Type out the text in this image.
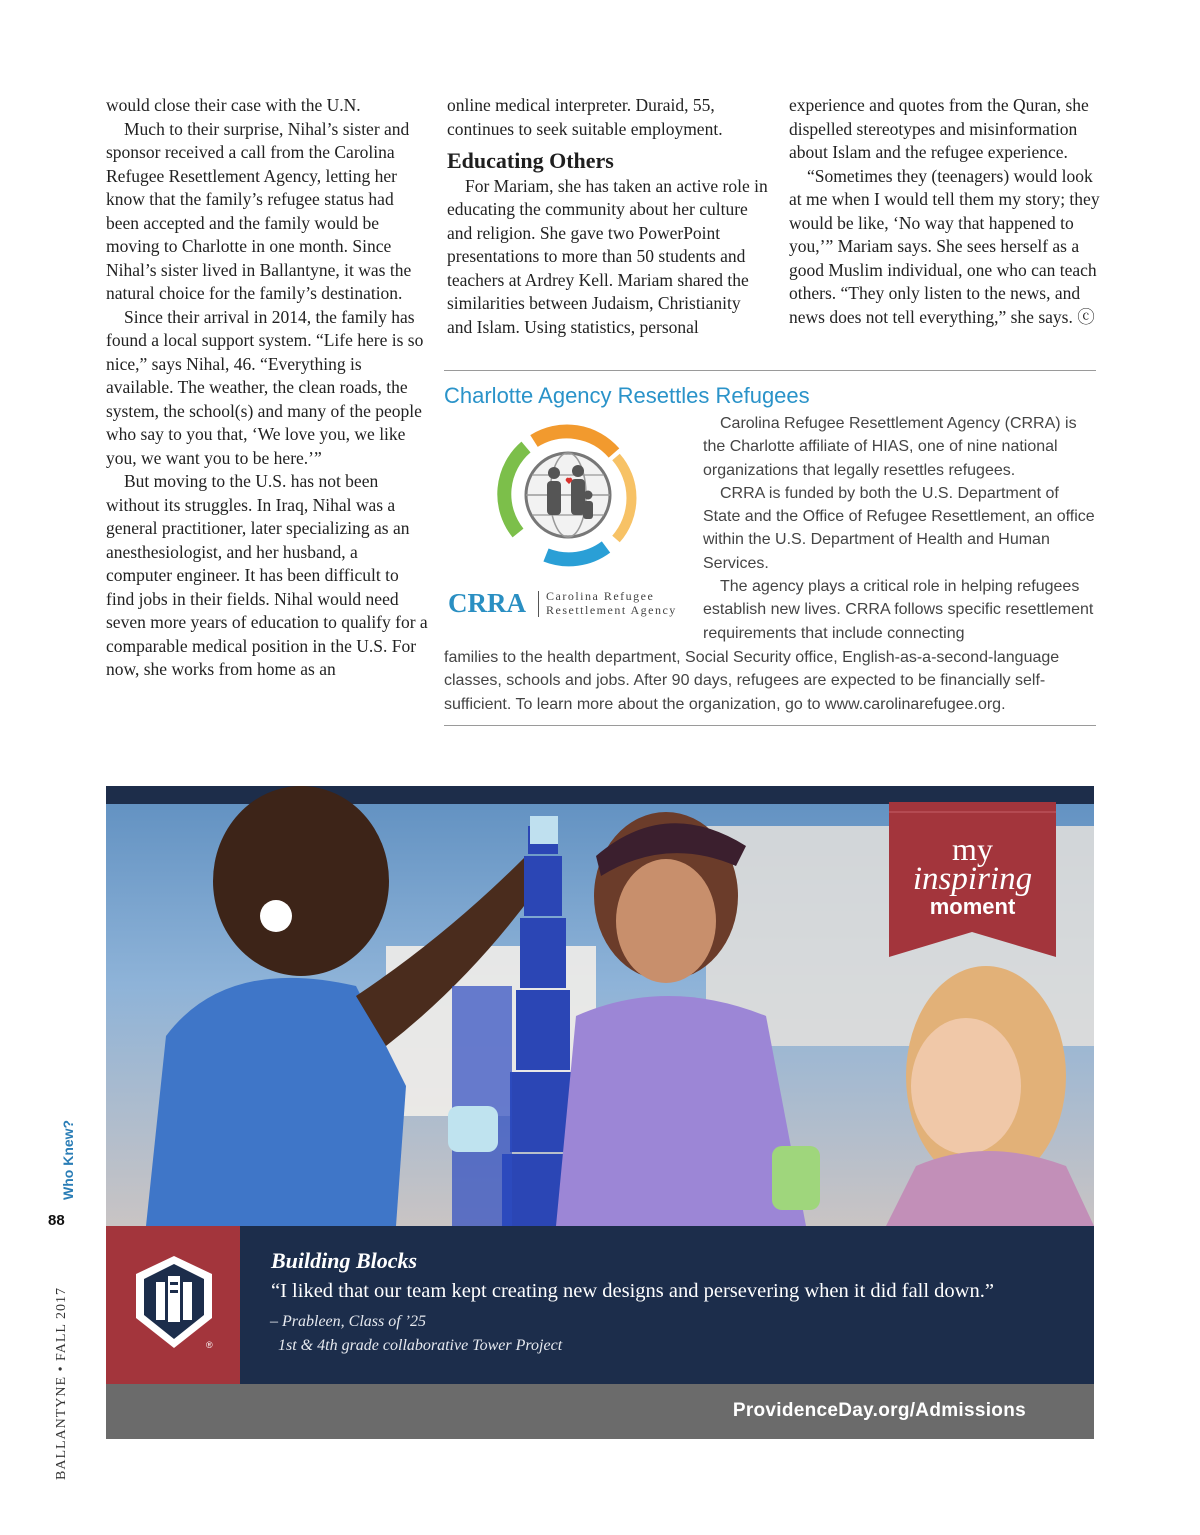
would close their case with the U.N.

Much to their surprise, Nihal’s sister and sponsor received a call from the Carolina Refugee Resettlement Agency, letting her know that the family’s refugee status had been accepted and the family would be moving to Charlotte in one month. Since Nihal’s sister lived in Ballantyne, it was the natural choice for the family’s destination.

Since their arrival in 2014, the family has found a local support system. “Life here is so nice,” says Nihal, 46. “Everything is available. The weather, the clean roads, the system, the school(s) and many of the people who say to you that, ‘We love you, we like you, we want you to be here.’”

But moving to the U.S. has not been without its struggles. In Iraq, Nihal was a general practitioner, later specializing as an anesthesiologist, and her husband, a computer engineer. It has been difficult to find jobs in their fields. Nihal would need seven more years of education to qualify for a comparable medical position in the U.S. For now, she works from home as an

online medical interpreter. Duraid, 55, continues to seek suitable employment.

Educating Others

For Mariam, she has taken an active role in educating the community about her culture and religion. She gave two PowerPoint presentations to more than 50 students and teachers at Ardrey Kell. Mariam shared the similarities between Judaism, Christianity and Islam. Using statistics, personal

experience and quotes from the Quran, she dispelled stereotypes and misinformation about Islam and the refugee experience.

“Sometimes they (teenagers) would look at me when I would tell them my story; they would be like, ‘No way that happened to you,’” Mariam says. She sees herself as a good Muslim individual, one who can teach others. “They only listen to the news, and news does not tell everything,” she says. ⓒ

Charlotte Agency Resettles Refugees
CRRA Carolina Refugee
Resettlement Agency

Carolina Refugee Resettlement Agency (CRRA) is the Charlotte affiliate of HIAS, one of nine national organizations that legally resettles refugees.

CRRA is funded by both the U.S. Department of State and the Office of Refugee Resettlement, an office within the U.S. Department of Health and Human Services.

The agency plays a critical role in helping refugees establish new lives. CRRA follows specific resettlement requirements that include connecting

families to the health department, Social Security office, English-as-a-second-language classes, schools and jobs. After 90 days, refugees are expected to be financially self-sufficient. To learn more about the organization, go to www.carolinarefugee.org.

my
inspiring
moment
®
Building Blocks
“I liked that our team kept creating new designs and persevering when it did fall down.”
– Prableen, Class of ’25
1st & 4th grade collaborative Tower Project
ProvidenceDay.org/Admissions
Who Knew?
88
BALLANTYNE • FALL 2017
